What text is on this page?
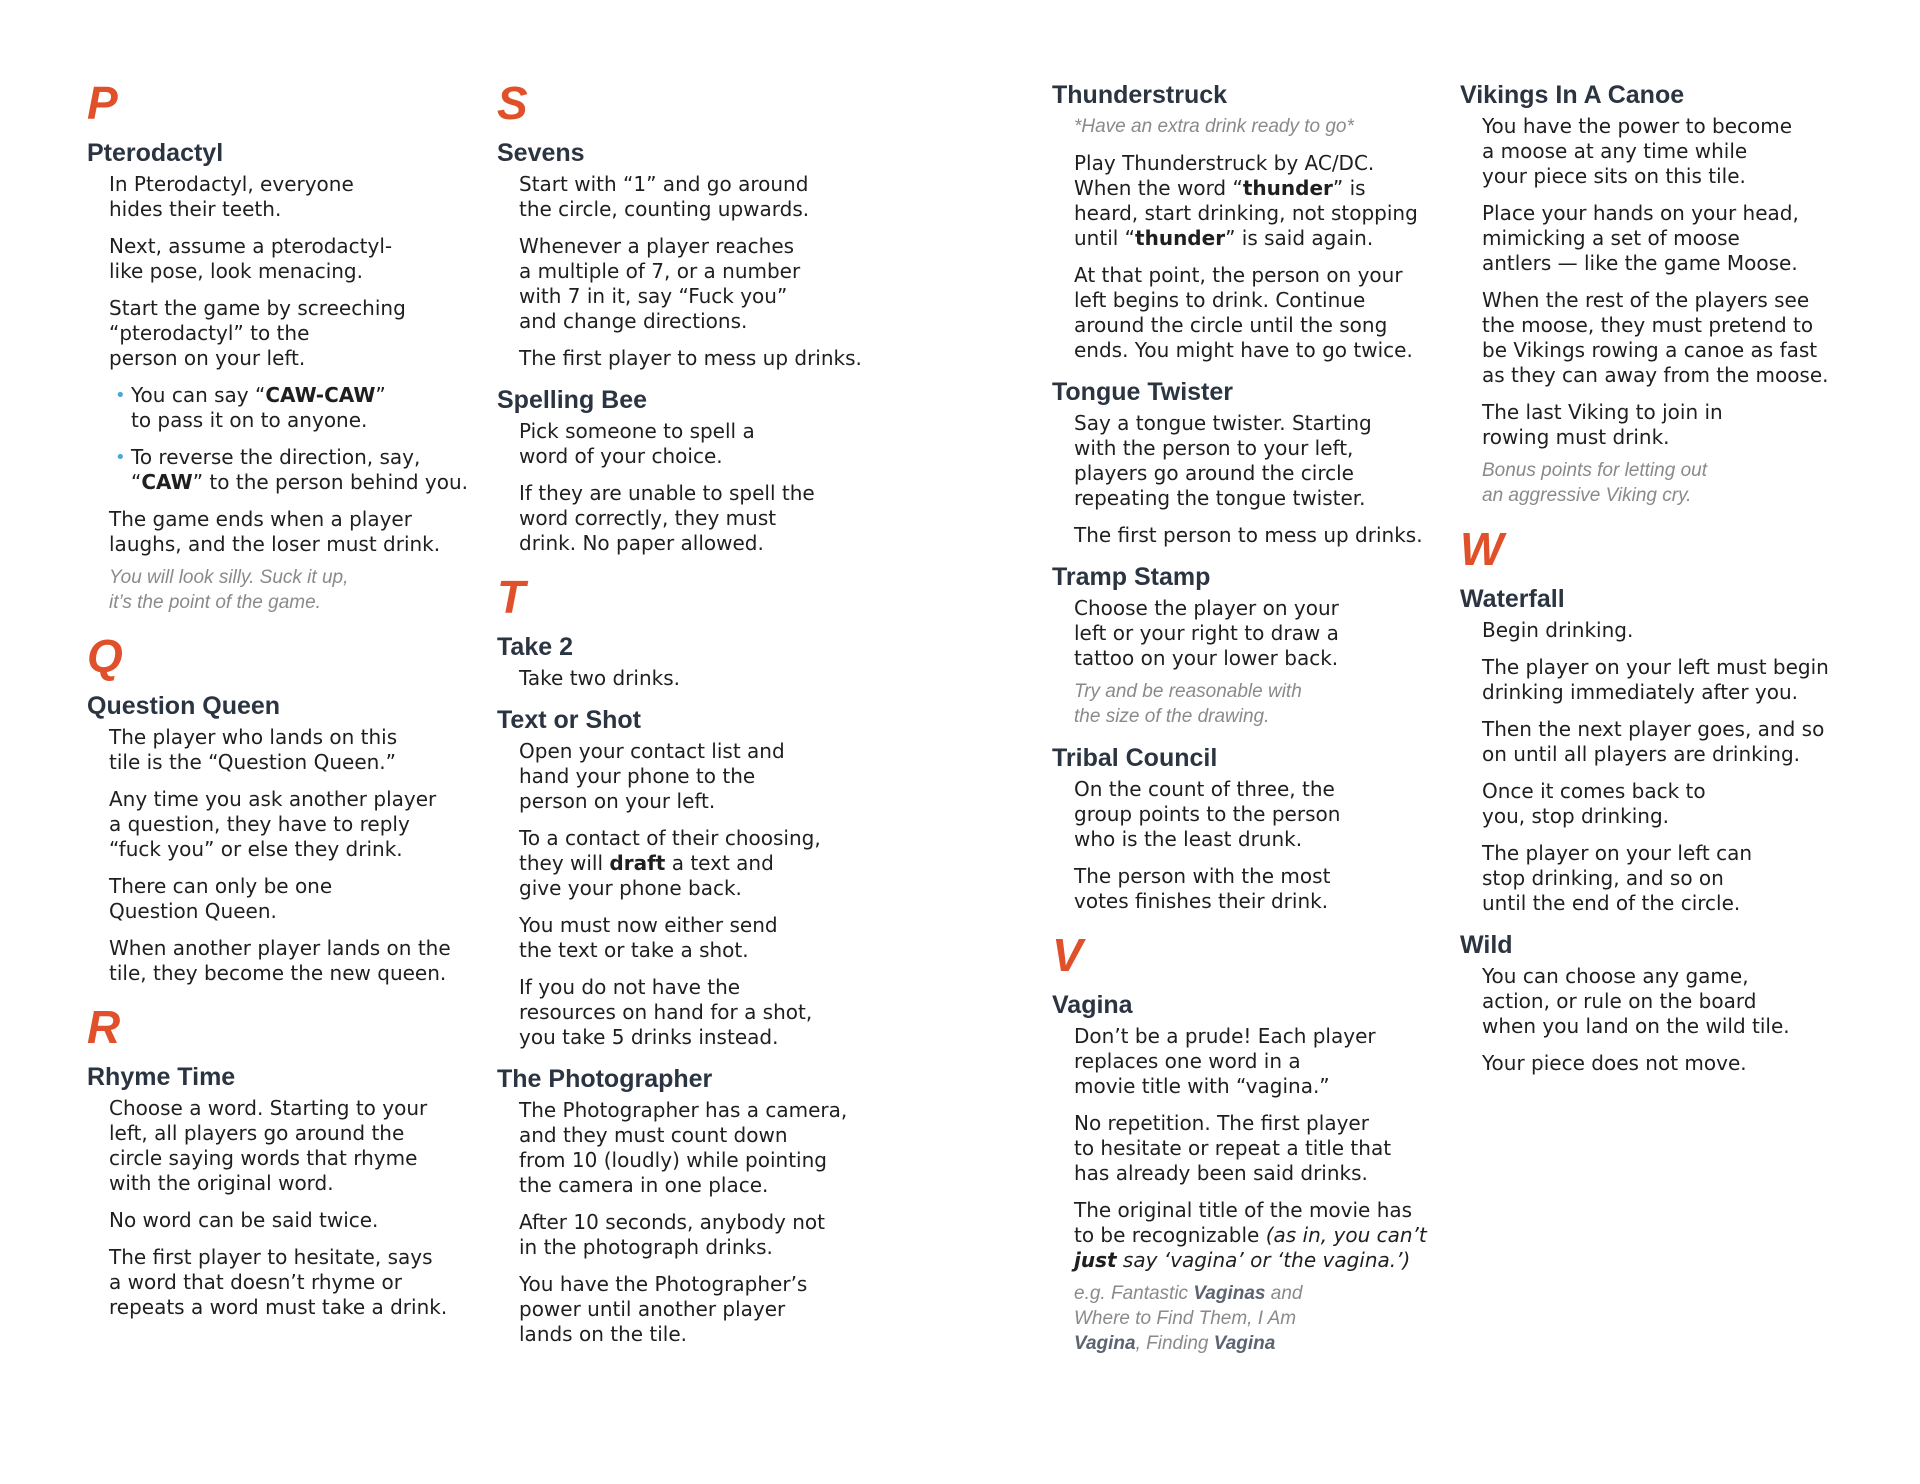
P
Pterodactyl
In Pterodactyl, everyone
hides their teeth.
Next, assume a pterodactyl-
like pose, look menacing.
Start the game by screeching
“pterodactyl” to the
person on your left.
• You can say “CAW-CAW”
to pass it on to anyone.
• To reverse the direction, say,
“CAW” to the person behind you.
The game ends when a player
laughs, and the loser must drink.
You will look silly. Suck it up,
it’s the point of the game.
Q
Question Queen
The player who lands on this
tile is the “Question Queen.”
Any time you ask another player
a question, they have to reply
“fuck you” or else they drink.
There can only be one
Question Queen.
When another player lands on the
tile, they become the new queen.
R
Rhyme Time
Choose a word. Starting to your
left, all players go around the
circle saying words that rhyme
with the original word.
No word can be said twice.
The first player to hesitate, says
a word that doesn’t rhyme or
repeats a word must take a drink.
S
Sevens
Start with “1” and go around
the circle, counting upwards.
Whenever a player reaches
a multiple of 7, or a number
with 7 in it, say “Fuck you”
and change directions.
The first player to mess up drinks.
Spelling Bee
Pick someone to spell a
word of your choice.
If they are unable to spell the
word correctly, they must
drink. No paper allowed.
T
Take 2
Take two drinks.
Text or Shot
Open your contact list and
hand your phone to the
person on your left.
To a contact of their choosing,
they will draft a text and
give your phone back.
You must now either send
the text or take a shot.
If you do not have the
resources on hand for a shot,
you take 5 drinks instead.
The Photographer
The Photographer has a camera,
and they must count down
from 10 (loudly) while pointing
the camera in one place.
After 10 seconds, anybody not
in the photograph drinks.
You have the Photographer’s
power until another player
lands on the tile.
Thunderstruck
*Have an extra drink ready to go*
Play Thunderstruck by AC/DC.
When the word “thunder” is
heard, start drinking, not stopping
until “thunder” is said again.
At that point, the person on your
left begins to drink. Continue
around the circle until the song
ends. You might have to go twice.
Tongue Twister
Say a tongue twister. Starting
with the person to your left,
players go around the circle
repeating the tongue twister.
The first person to mess up drinks.
Tramp Stamp
Choose the player on your
left or your right to draw a
tattoo on your lower back.
Try and be reasonable with
the size of the drawing.
Tribal Council
On the count of three, the
group points to the person
who is the least drunk.
The person with the most
votes finishes their drink.
V
Vagina
Don’t be a prude! Each player
replaces one word in a
movie title with “vagina.”
No repetition. The first player
to hesitate or repeat a title that
has already been said drinks.
The original title of the movie has
to be recognizable (as in, you can’t
just say ‘vagina’ or ‘the vagina.’)
e.g. Fantastic Vaginas and
Where to Find Them, I Am
Vagina, Finding Vagina
Vikings In A Canoe
You have the power to become
a moose at any time while
your piece sits on this tile.
Place your hands on your head,
mimicking a set of moose
antlers — like the game Moose.
When the rest of the players see
the moose, they must pretend to
be Vikings rowing a canoe as fast
as they can away from the moose.
The last Viking to join in
rowing must drink.
Bonus points for letting out
an aggressive Viking cry.
W
Waterfall
Begin drinking.
The player on your left must begin
drinking immediately after you.
Then the next player goes, and so
on until all players are drinking.
Once it comes back to
you, stop drinking.
The player on your left can
stop drinking, and so on
until the end of the circle.
Wild
You can choose any game,
action, or rule on the board
when you land on the wild tile.
Your piece does not move.
